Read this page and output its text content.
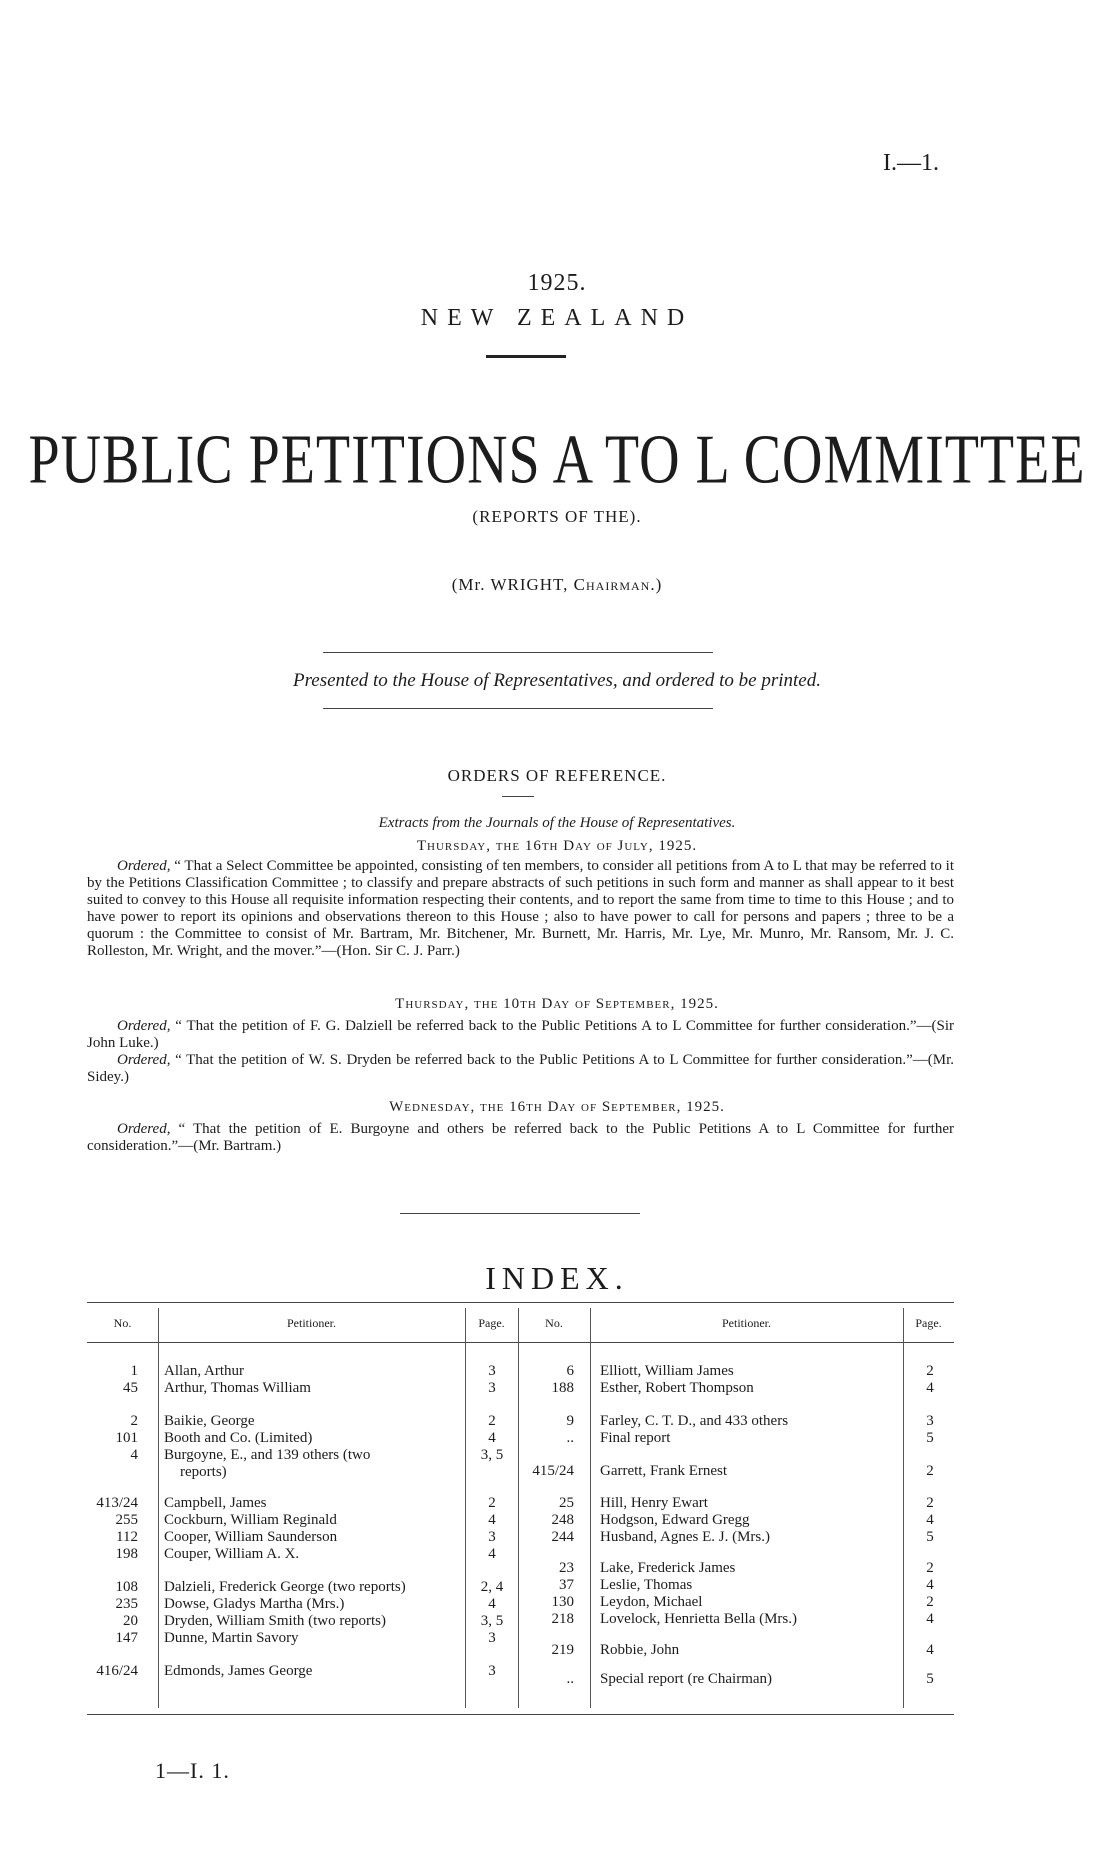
I.—1.
1925.
NEW ZEALAND
PUBLIC PETITIONS A TO L COMMITTEE
(REPORTS OF THE).
(Mr. WRIGHT, Chairman.)
Presented to the House of Representatives, and ordered to be printed.
ORDERS OF REFERENCE.
Extracts from the Journals of the House of Representatives.
Thursday, the 16th Day of July, 1925.

Ordered, “ That a Select Committee be appointed, consisting of ten members, to consider all petitions from A to L that may be referred to it by the Petitions Classification Committee ; to classify and prepare abstracts of such petitions in such form and manner as shall appear to it best suited to convey to this House all requisite information respecting their contents, and to report the same from time to time to this House ; and to have power to report its opinions and observations thereon to this House ; also to have power to call for persons and papers ; three to be a quorum : the Committee to consist of Mr. Bartram, Mr. Bitchener, Mr. Burnett, Mr. Harris, Mr. Lye, Mr. Munro, Mr. Ransom, Mr. J. C. Rolleston, Mr. Wright, and the mover.”—(Hon. Sir C. J. Parr.)

Thursday, the 10th Day of September, 1925.

Ordered, “ That the petition of F. G. Dalziell be referred back to the Public Petitions A to L Committee for further consideration.”—(Sir John Luke.)

Ordered, “ That the petition of W. S. Dryden be referred back to the Public Petitions A to L Committee for further consideration.”—(Mr. Sidey.)

Wednesday, the 16th Day of September, 1925.

Ordered, “ That the petition of E. Burgoyne and others be referred back to the Public Petitions A to L Committee for further consideration.”—(Mr. Bartram.)

INDEX.
No.	Petitioner.	Page.	No.	Petitioner.	Page.
1 Allan, Arthur	3
45 Arthur, Thomas William	3
2 Baikie, George	2
101 Booth and Co. (Limited)	4
4 Burgoyne, E., and 139 others (two	3, 5
reports)
413/24 Campbell, James	2
255 Cockburn, William Reginald	4
112 Cooper, William Saunderson	3
198 Couper, William A. X.	4
108 Dalzieli, Frederick George (two reports)	2, 4
235 Dowse, Gladys Martha (Mrs.)	4
20 Dryden, William Smith (two reports)	3, 5
147 Dunne, Martin Savory	3
416/24 Edmonds, James George	3
6 Elliott, William James	2
188 Esther, Robert Thompson	4
9 Farley, C. T. D., and 433 others	3
.. Final report	5
415/24 Garrett, Frank Ernest	2
25 Hill, Henry Ewart	2
248 Hodgson, Edward Gregg	4
244 Husband, Agnes E. J. (Mrs.)	5
23 Lake, Frederick James	2
37 Leslie, Thomas	4
130 Leydon, Michael	2
218 Lovelock, Henrietta Bella (Mrs.)	4
219 Robbie, John	4
.. Special report (re Chairman)	5
1—I. 1.
